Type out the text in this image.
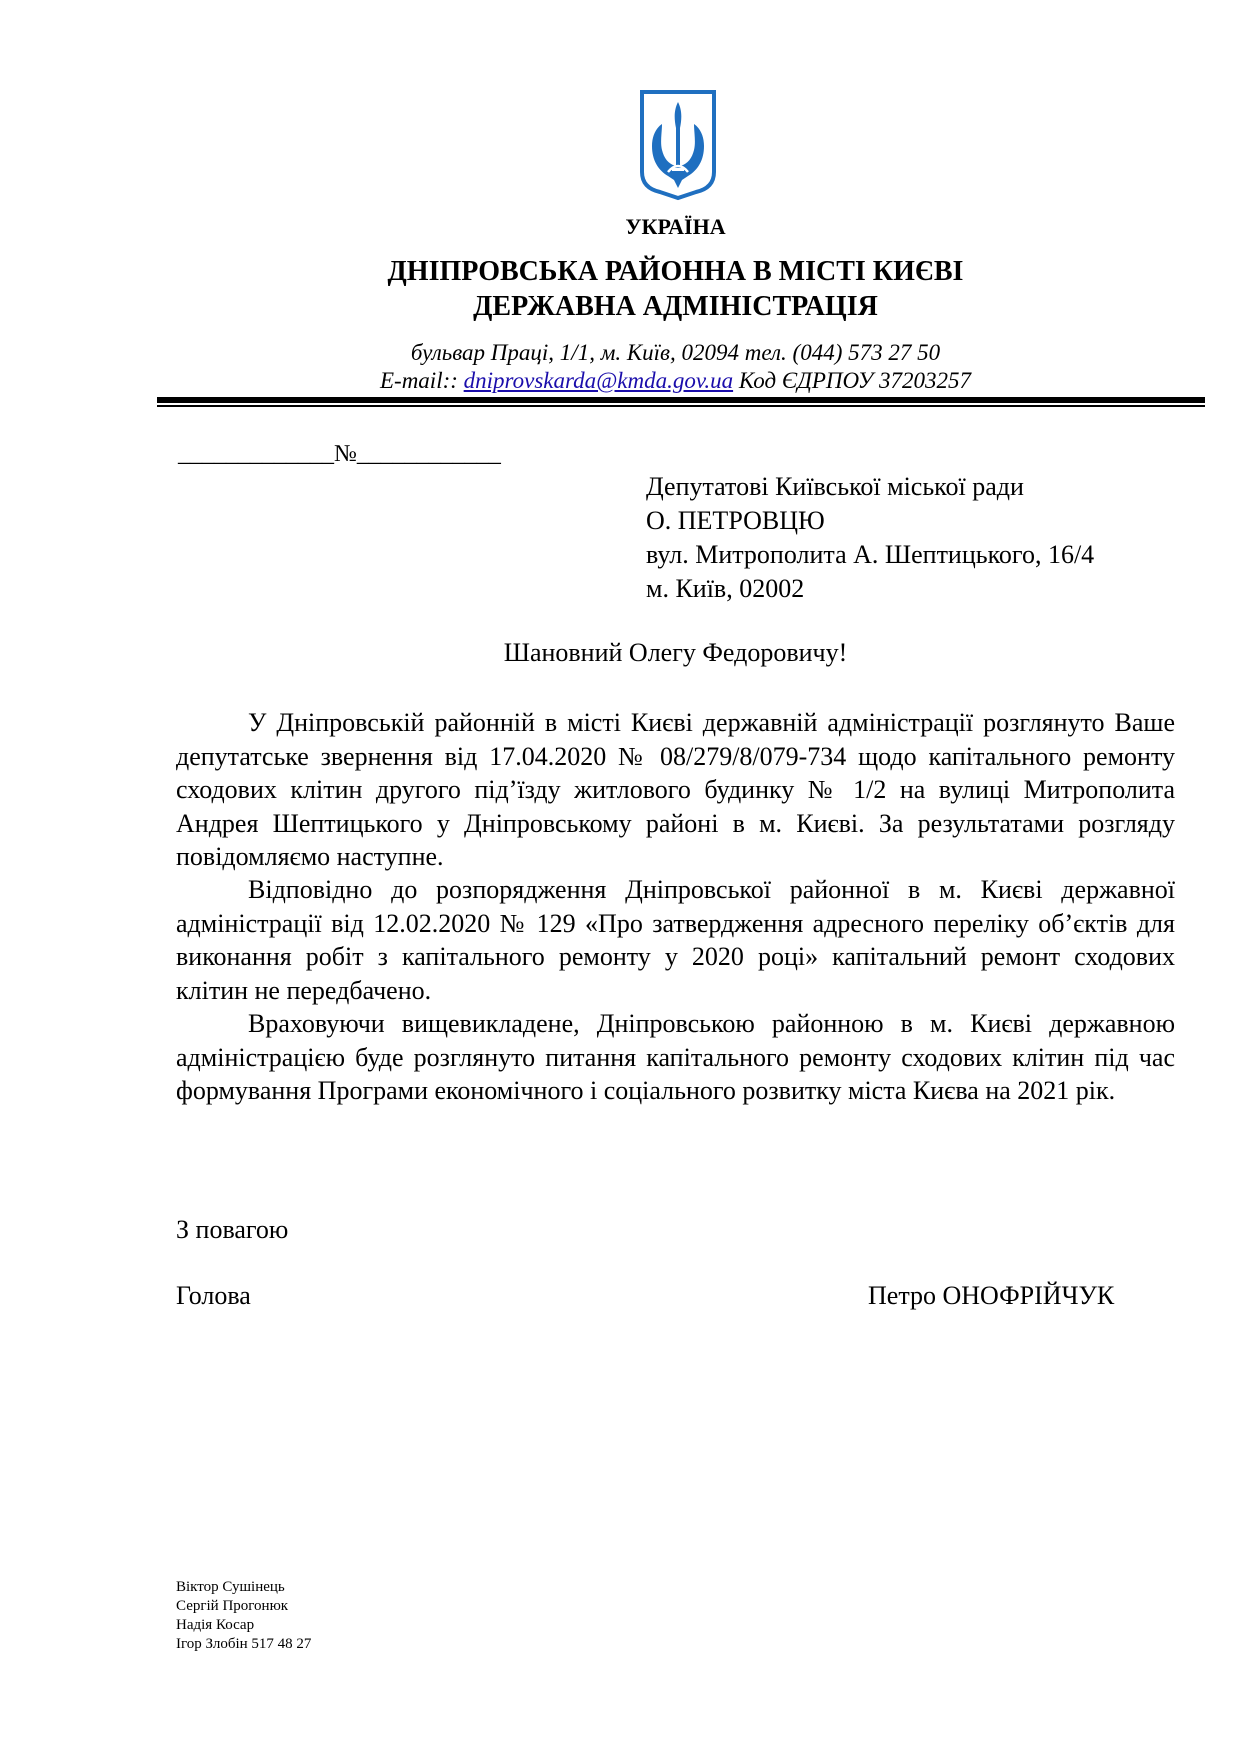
УКРАЇНА
ДНІПРОВСЬКА РАЙОННА В МІСТІ КИЄВІ
ДЕРЖАВНА АДМІНІСТРАЦІЯ
бульвар Праці, 1/1, м. Київ, 02094 тел. (044) 573 27 50
E-mail:: dniprovskarda@kmda.gov.ua Код ЄДРПОУ 37203257
_____________№____________
Депутатові Київської міської ради
О. ПЕТРОВЦЮ
вул. Митрополита А. Шептицького, 16/4
м. Київ, 02002
Шановний Олегу Федоровичу!

У Дніпровській районній в місті Києві державній адміністрації розглянуто Ваше депутатське звернення від 17.04.2020 № 08/279/8/079-734 щодо капітального ремонту сходових клітин другого під’їзду житлового будинку № 1/2 на вулиці Митрополита Андрея Шептицького у Дніпровському районі в м. Києві. За результатами розгляду повідомляємо наступне.

Відповідно до розпорядження Дніпровської районної в м. Києві державної адміністрації від 12.02.2020 № 129 «Про затвердження адресного переліку об’єктів для виконання робіт з капітального ремонту у 2020 році» капітальний ремонт сходових клітин не передбачено.

Враховуючи вищевикладене, Дніпровською районною в м. Києві державною адміністрацією буде розглянуто питання капітального ремонту сходових клітин під час формування Програми економічного і соціального розвитку міста Києва на 2021 рік.

З повагою
Голова	Петро ОНОФРІЙЧУК
Віктор Сушінець
Сергій Прогонюк
Надія Косар
Ігор Злобін 517 48 27
